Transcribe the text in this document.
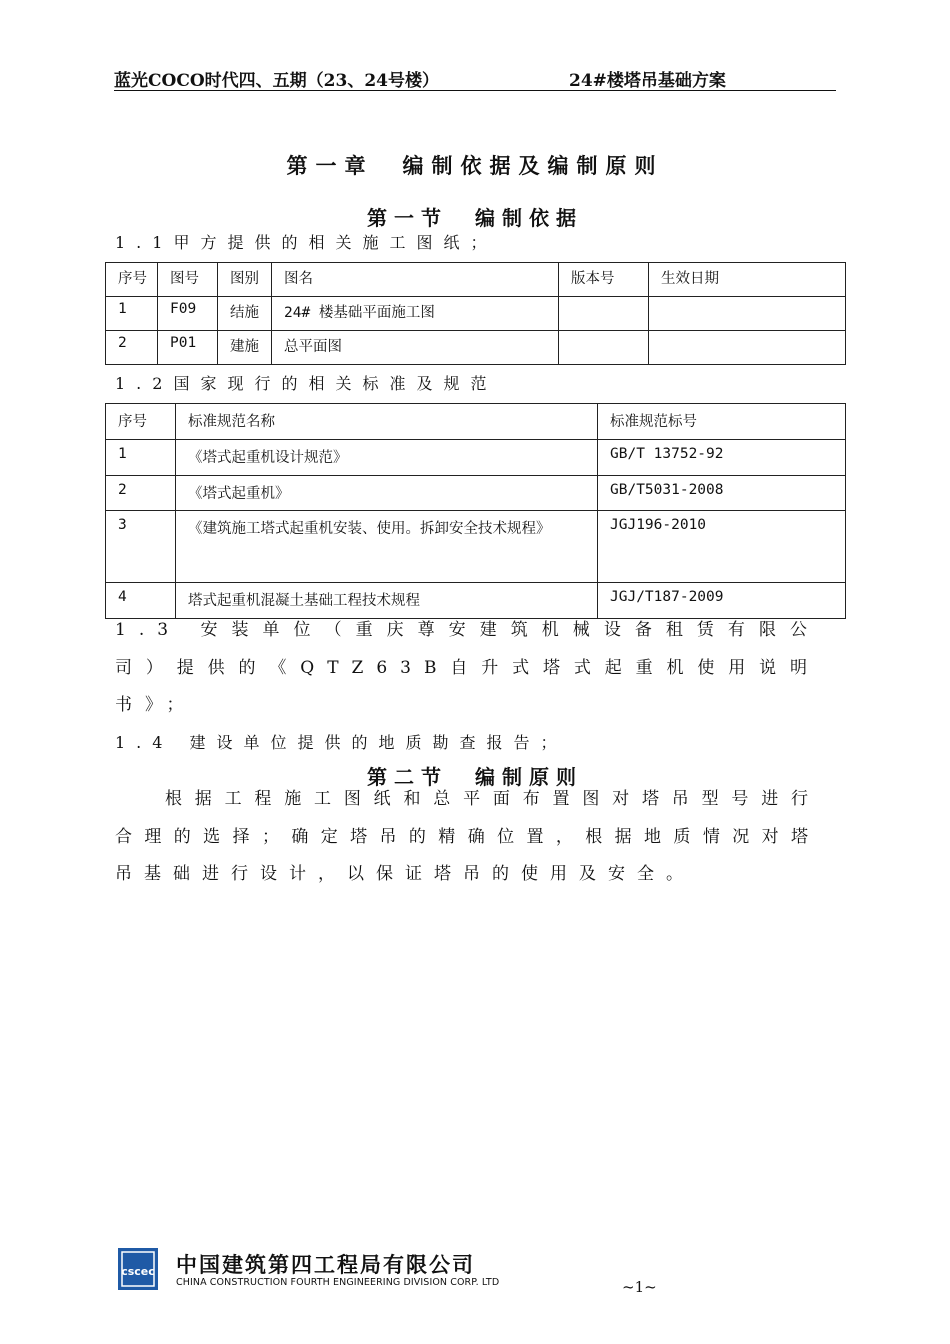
蓝光COCO时代四、五期（23、24号楼）	24#楼塔吊基础方案
第一章　编制依据及编制原则
第一节　编制依据
1.1甲方提供的相关施工图纸；
序号	图号	图别	图名	版本号	生效日期
1	F09	结施	24# 楼基础平面施工图		
2	P01	建施	总平面图		
1.2国家现行的相关标准及规范
序号	标准规范名称	标准规范标号
1	《塔式起重机设计规范》	GB/T 13752-92
2	《塔式起重机》	GB/T5031-2008
3	《建筑施工塔式起重机安装、使用。拆卸安全技术规程》	JGJ196-2010
4	塔式起重机混凝土基础工程技术规程	JGJ/T187-2009
1.3 安装单位（重庆尊安建筑机械设备租赁有限公司）提供的《QTZ63B自升式塔式起重机使用说明书》；
1.4 建设单位提供的地质勘查报告；
第二节　编制原则
根据工程施工图纸和总平面布置图对塔吊型号进行合理的选择；确定塔吊的精确位置，根据地质情况对塔吊基础进行设计，以保证塔吊的使用及安全。
cscec 中国建筑第四工程局有限公司
CHINA CONSTRUCTION FOURTH ENGINEERING DIVISION CORP. LTD	~1~
